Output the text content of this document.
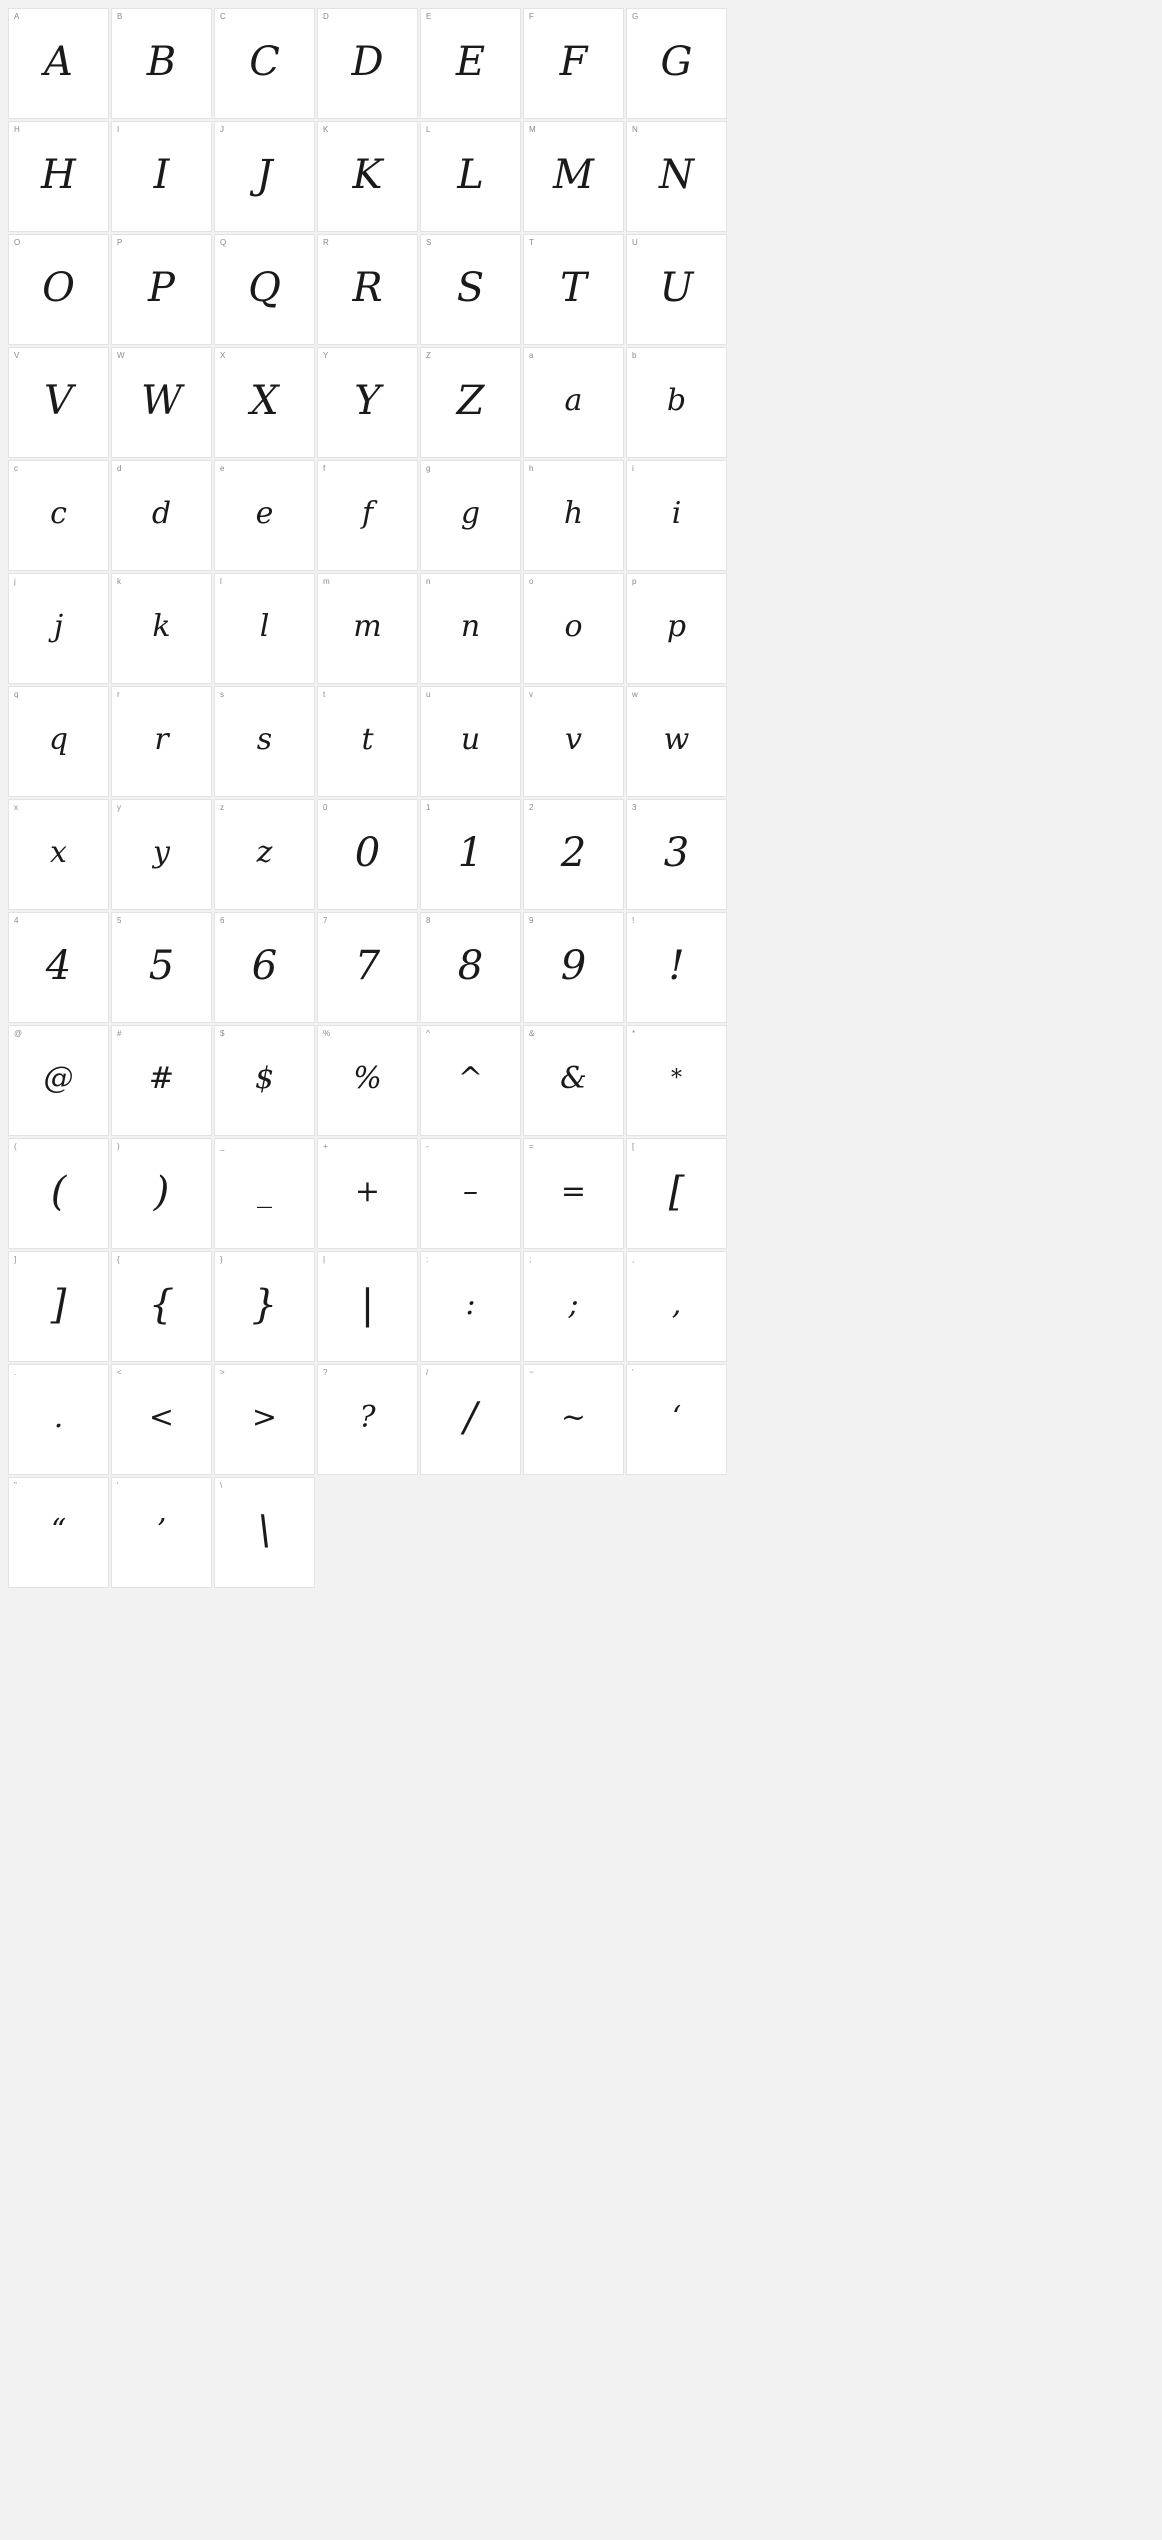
A
A
B
B
C
C
D
D
E
E
F
F
G
G
H
H
I
I
J
J
K
K
L
L
M
M
N
N
O
O
P
P
Q
Q
R
R
S
S
T
T
U
U
V
V
W
W
X
X
Y
Y
Z
Z
a
a
b
b
c
c
d
d
e
e
f
f
g
g
h
h
i
i
j
j
k
k
l
l
m
m
n
n
o
o
p
p
q
q
r
r
s
s
t
t
u
u
v
v
w
w
x
x
y
y
z
z
0
0
1
1
2
2
3
3
4
4
5
5
6
6
7
7
8
8
9
9
!
!
@
@
#
#
$
$
%
%
^
^
&
&
*
*
(
(
)
)
_
_
+
+
-
–
=
=
[
[
]
]
{
{
}
}
|
|
:
:
;
;
,
,
.
.
<
<
>
>
?
?
/
/
~
~
'
‘
"
“
'
’
\
\
